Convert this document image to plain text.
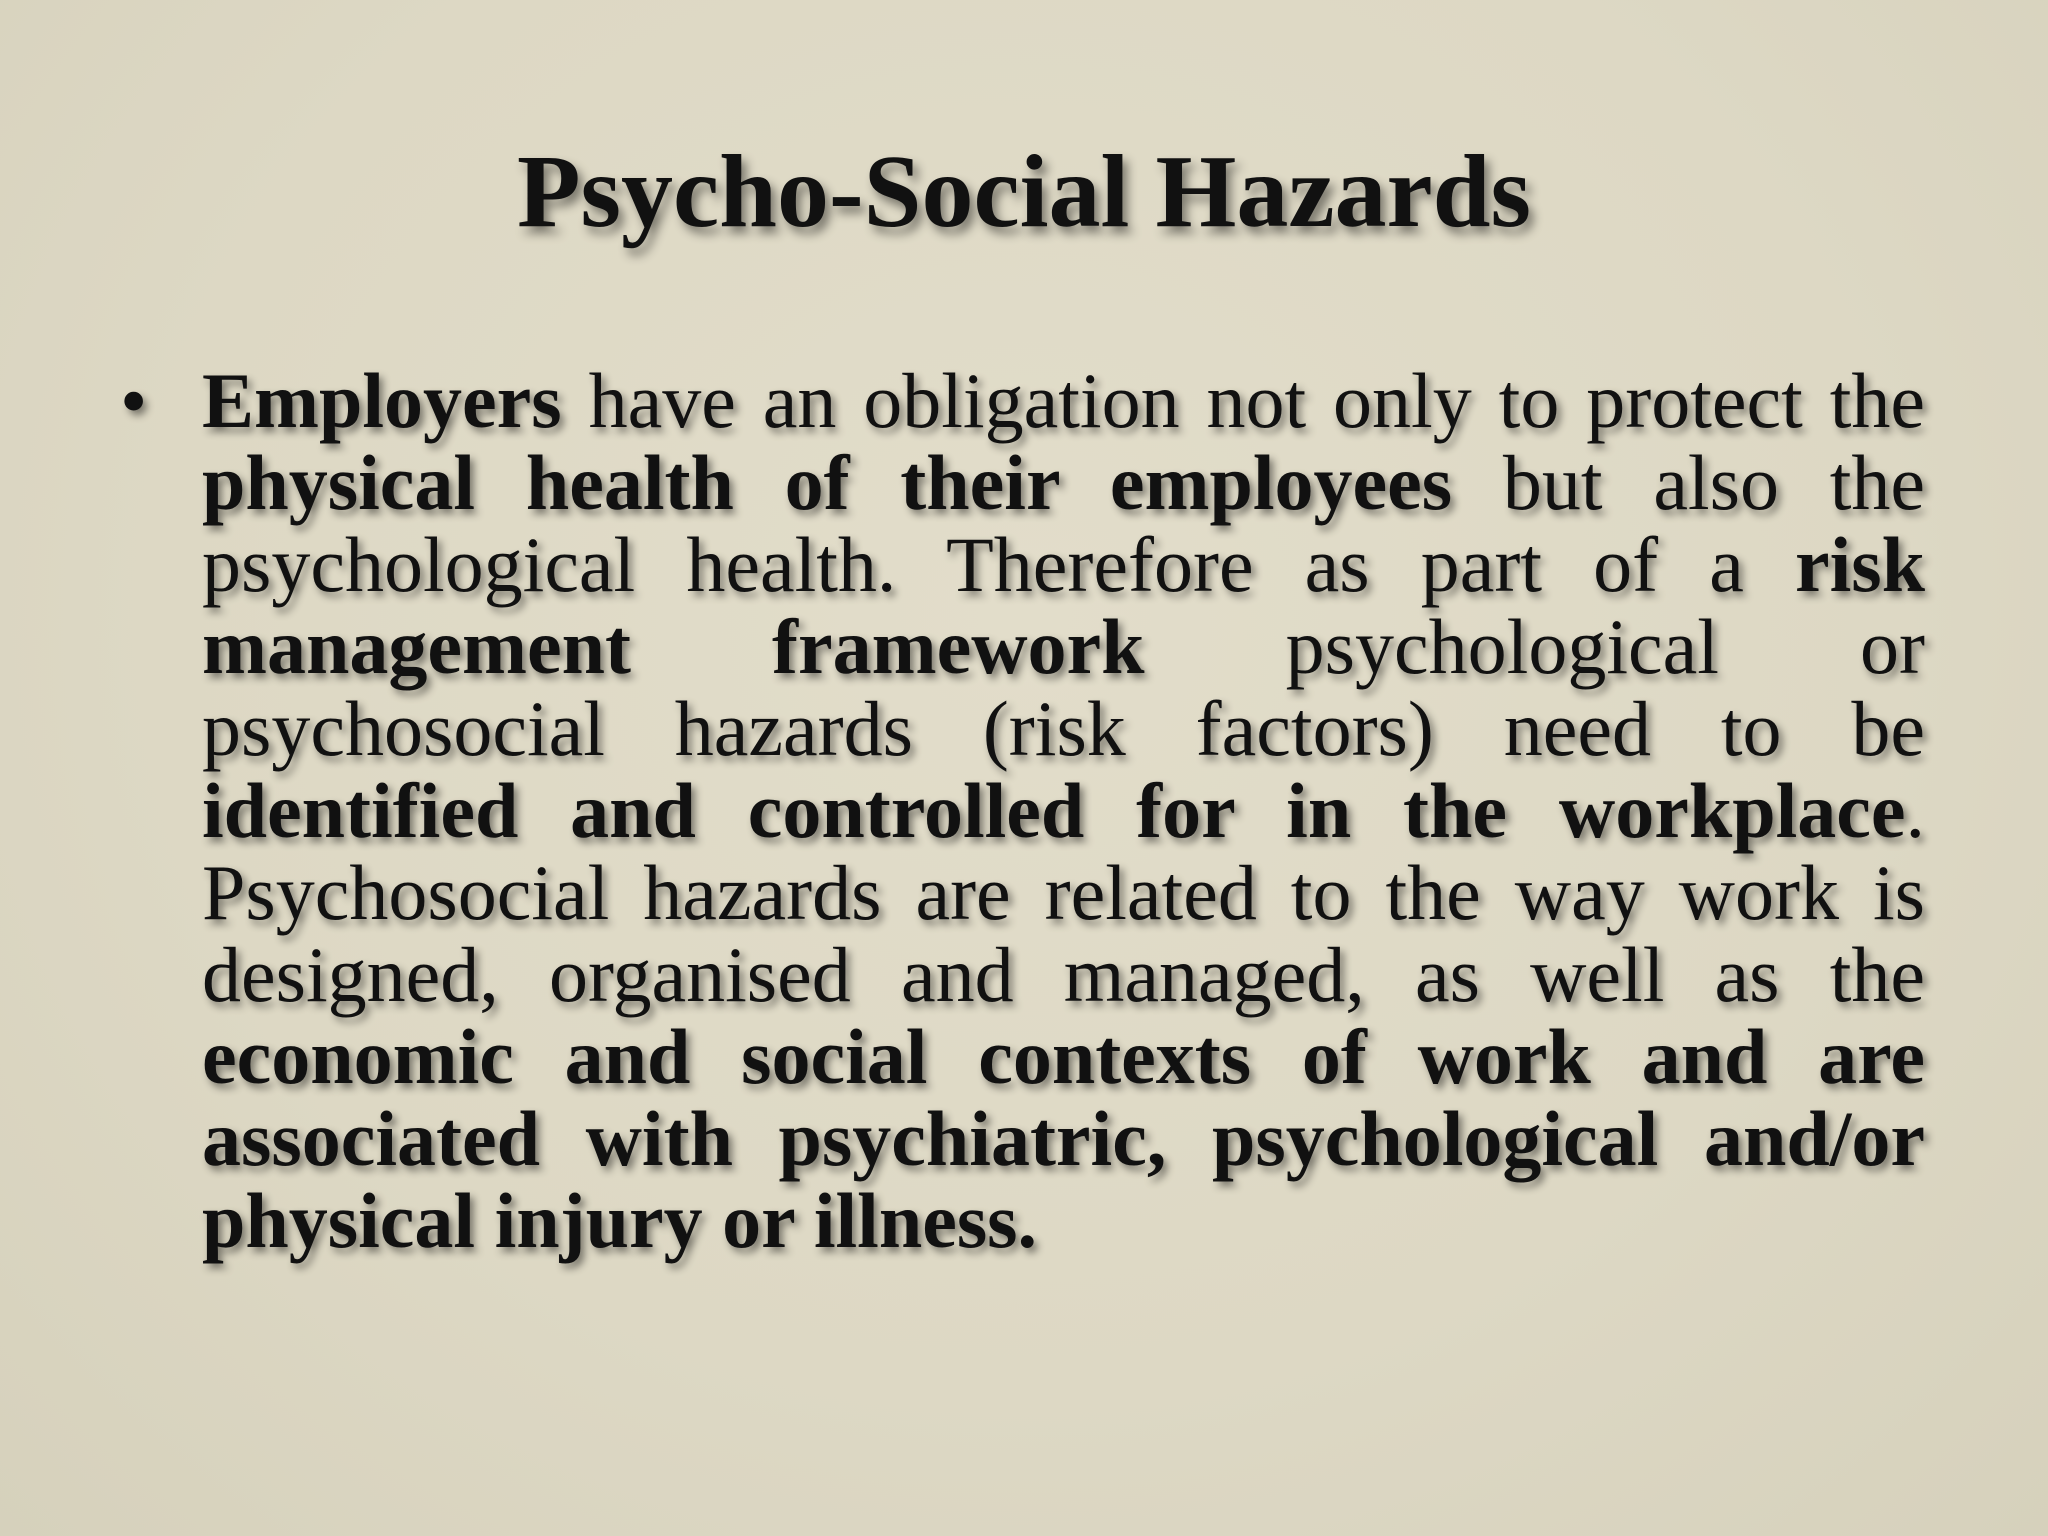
Psycho-Social Hazards
• Employers have an obligation not only to protect the physical health of their employees but also the psychological health. Therefore as part of a risk management framework psychological or psychosocial hazards (risk factors) need to be identified and controlled for in the workplace. Psychosocial hazards are related to the way work is designed, organised and managed, as well as the economic and social contexts of work and are associated with psychiatric, psychological and/or physical injury or illness.
